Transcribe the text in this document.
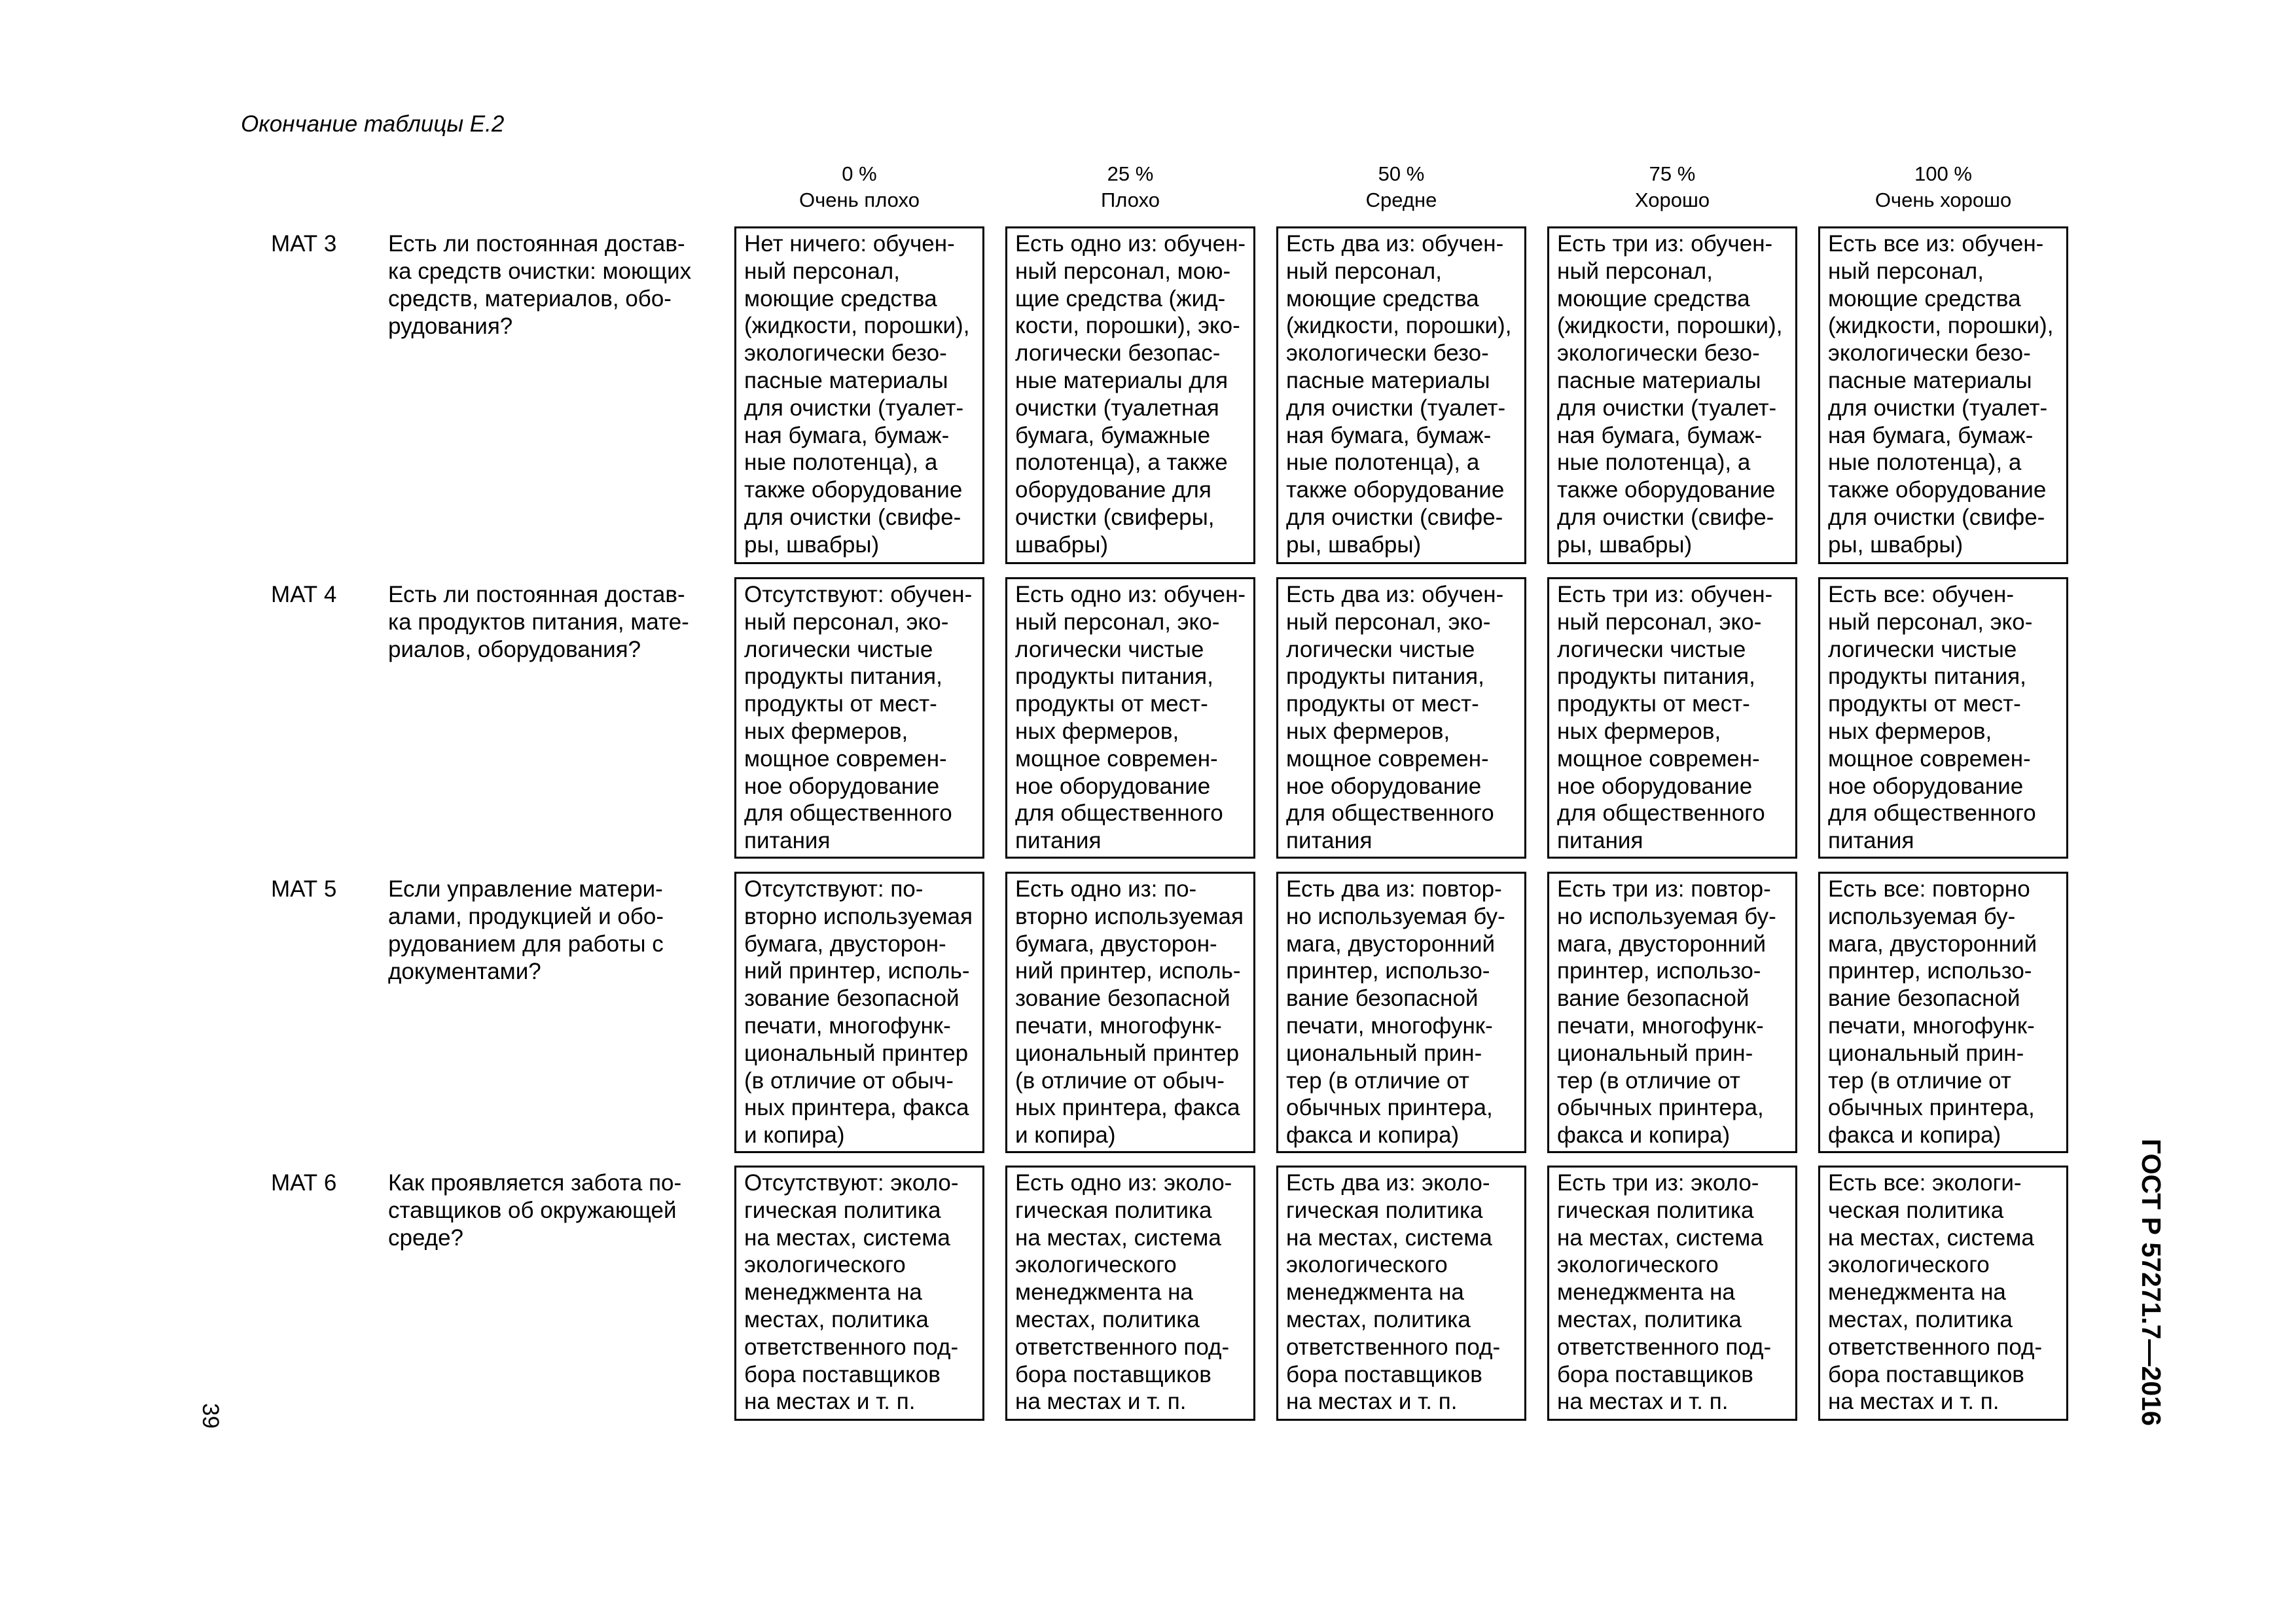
Окончание таблицы Е.2
0 %
Очень плохо
25 %
Плохо
50 %
Средне
75 %
Хорошо
100 %
Очень хорошо
МАТ 3 Есть ли постоянная достав-
ка средств очистки: моющих
средств, материалов, обо-
рудования?
Нет ничего: обучен-
ный персонал,
моющие средства
(жидкости, порошки),
экологически безо-
пасные материалы
для очистки (туалет-
ная бумага, бумаж-
ные полотенца), а
также оборудование
для очистки (свифе-
ры, швабры)
Есть одно из: обучен-
ный персонал, мою-
щие средства (жид-
кости, порошки), эко-
логически безопас-
ные материалы для
очистки (туалетная
бумага, бумажные
полотенца), а также
оборудование для
очистки (свиферы,
швабры)
Есть два из: обучен-
ный персонал,
моющие средства
(жидкости, порошки),
экологически безо-
пасные материалы
для очистки (туалет-
ная бумага, бумаж-
ные полотенца), а
также оборудование
для очистки (свифе-
ры, швабры)
Есть три из: обучен-
ный персонал,
моющие средства
(жидкости, порошки),
экологически безо-
пасные материалы
для очистки (туалет-
ная бумага, бумаж-
ные полотенца), а
также оборудование
для очистки (свифе-
ры, швабры)
Есть все из: обучен-
ный персонал,
моющие средства
(жидкости, порошки),
экологически безо-
пасные материалы
для очистки (туалет-
ная бумага, бумаж-
ные полотенца), а
также оборудование
для очистки (свифе-
ры, швабры)
МАТ 4 Есть ли постоянная достав-
ка продуктов питания, мате-
риалов, оборудования?
Отсутствуют: обучен-
ный персонал, эко-
логически чистые
продукты питания,
продукты от мест-
ных фермеров,
мощное современ-
ное оборудование
для общественного
питания
Есть одно из: обучен-
ный персонал, эко-
логически чистые
продукты питания,
продукты от мест-
ных фермеров,
мощное современ-
ное оборудование
для общественного
питания
Есть два из: обучен-
ный персонал, эко-
логически чистые
продукты питания,
продукты от мест-
ных фермеров,
мощное современ-
ное оборудование
для общественного
питания
Есть три из: обучен-
ный персонал, эко-
логически чистые
продукты питания,
продукты от мест-
ных фермеров,
мощное современ-
ное оборудование
для общественного
питания
Есть все: обучен-
ный персонал, эко-
логически чистые
продукты питания,
продукты от мест-
ных фермеров,
мощное современ-
ное оборудование
для общественного
питания
МАТ 5 Если управление матери-
алами, продукцией и обо-
рудованием для работы с
документами?
Отсутствуют: по-
вторно используемая
бумага, двусторон-
ний принтер, исполь-
зование безопасной
печати, многофунк-
циональный принтер
(в отличие от обыч-
ных принтера, факса
и копира)
Есть одно из: по-
вторно используемая
бумага, двусторон-
ний принтер, исполь-
зование безопасной
печати, многофунк-
циональный принтер
(в отличие от обыч-
ных принтера, факса
и копира)
Есть два из: повтор-
но используемая бу-
мага, двусторонний
принтер, использо-
вание безопасной
печати, многофунк-
циональный прин-
тер (в отличие от
обычных принтера,
факса и копира)
Есть три из: повтор-
но используемая бу-
мага, двусторонний
принтер, использо-
вание безопасной
печати, многофунк-
циональный прин-
тер (в отличие от
обычных принтера,
факса и копира)
Есть все: повторно
используемая бу-
мага, двусторонний
принтер, использо-
вание безопасной
печати, многофунк-
циональный прин-
тер (в отличие от
обычных принтера,
факса и копира)
МАТ 6 Как проявляется забота по-
ставщиков об окружающей
среде?
Отсутствуют: эколо-
гическая политика
на местах, система
экологического
менеджмента на
местах, политика
ответственного под-
бора поставщиков
на местах и т. п.
Есть одно из: эколо-
гическая политика
на местах, система
экологического
менеджмента на
местах, политика
ответственного под-
бора поставщиков
на местах и т. п.
Есть два из: эколо-
гическая политика
на местах, система
экологического
менеджмента на
местах, политика
ответственного под-
бора поставщиков
на местах и т. п.
Есть три из: эколо-
гическая политика
на местах, система
экологического
менеджмента на
местах, политика
ответственного под-
бора поставщиков
на местах и т. п.
Есть все: экологи-
ческая политика
на местах, система
экологического
менеджмента на
местах, политика
ответственного под-
бора поставщиков
на местах и т. п.	ГОСТ Р 57271.7—2016
39
